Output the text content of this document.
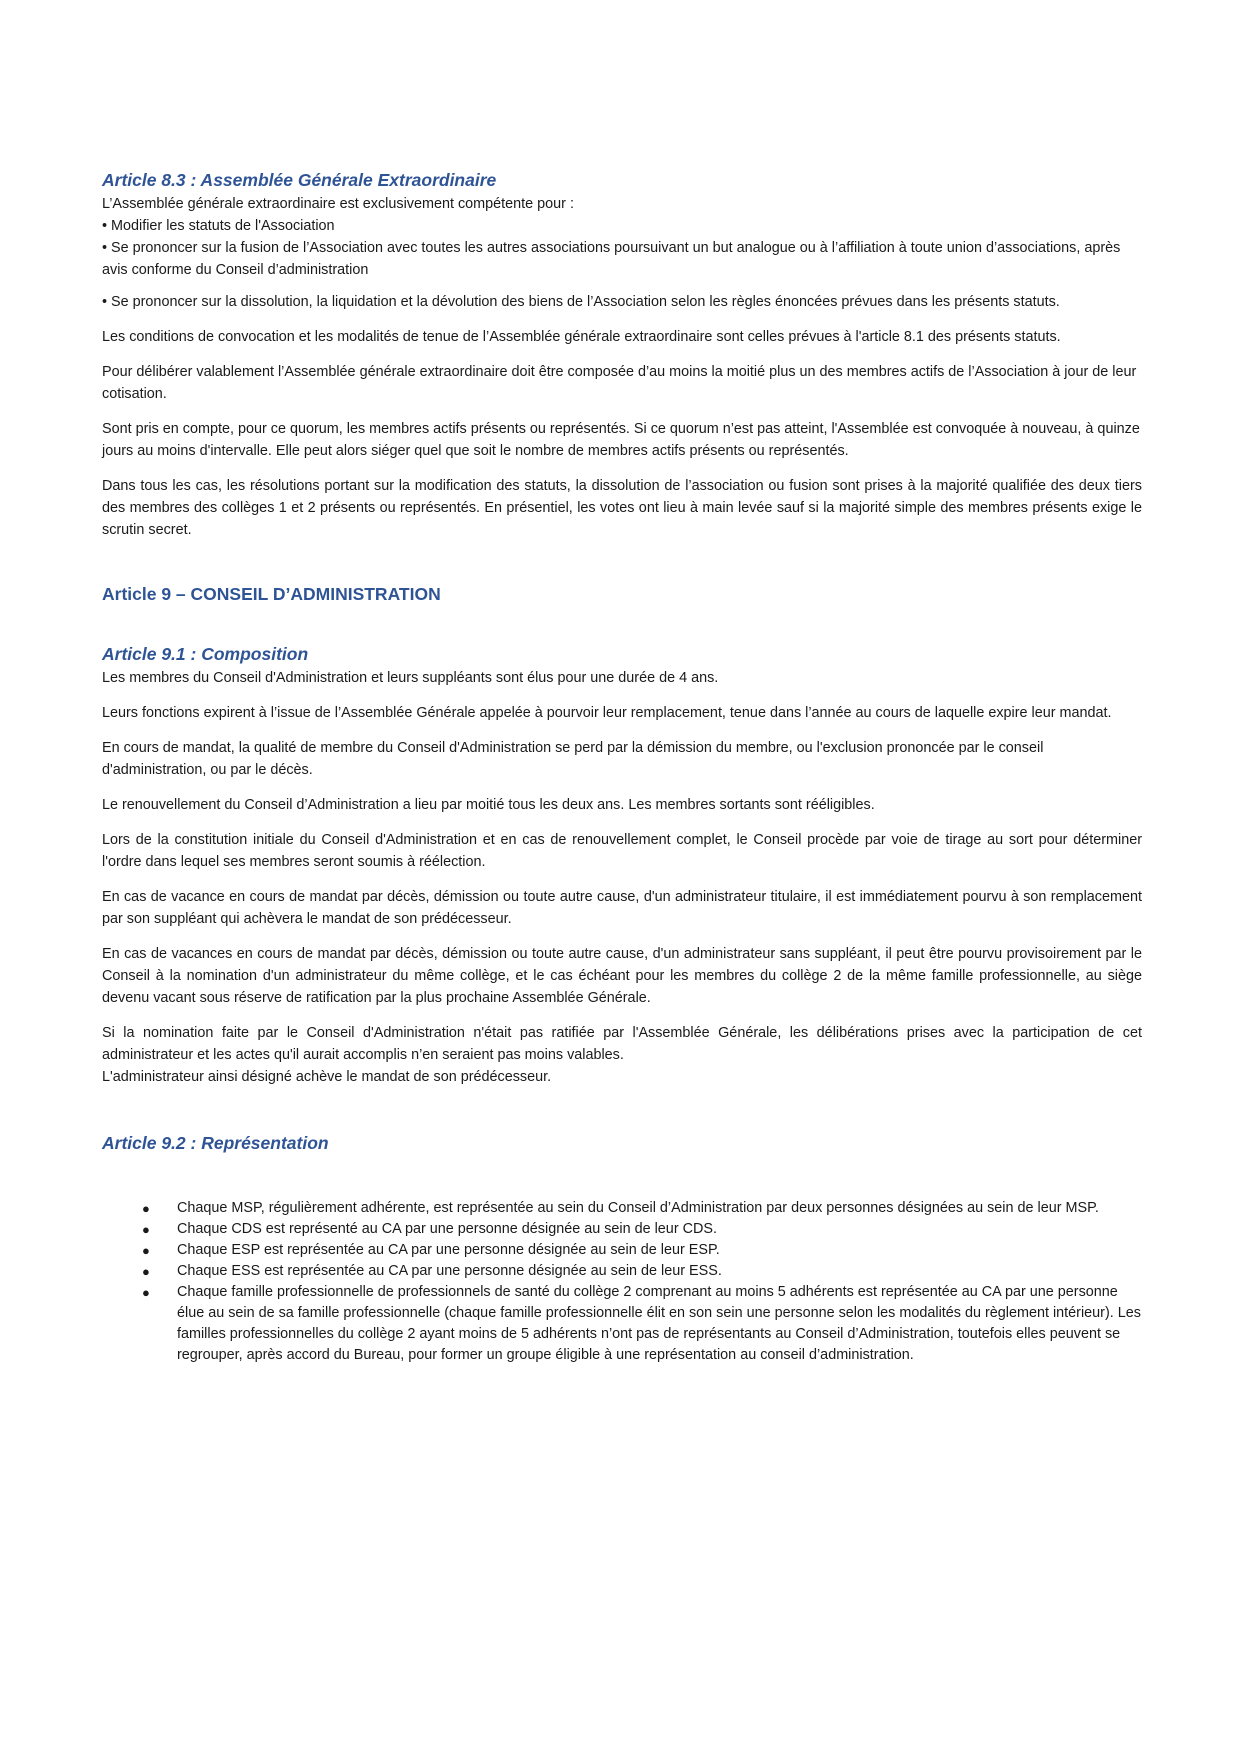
Article 8.3 : Assemblée Générale Extraordinaire

L’Assemblée générale extraordinaire est exclusivement compétente pour :

• Modifier les statuts de l'Association

• Se prononcer sur la fusion de l’Association avec toutes les autres associations poursuivant un but analogue ou à l’affiliation à toute union d’associations, après avis conforme du Conseil d’administration

• Se prononcer sur la dissolution, la liquidation et la dévolution des biens de l’Association selon les règles énoncées prévues dans les présents statuts.

Les conditions de convocation et les modalités de tenue de l’Assemblée générale extraordinaire sont celles prévues à l'article 8.1 des présents statuts.

Pour délibérer valablement l’Assemblée générale extraordinaire doit être composée d’au moins la moitié plus un des membres actifs de l’Association à jour de leur cotisation.

Sont pris en compte, pour ce quorum, les membres actifs présents ou représentés. Si ce quorum n’est pas atteint, l'Assemblée est convoquée à nouveau, à quinze jours au moins d'intervalle. Elle peut alors siéger quel que soit le nombre de membres actifs présents ou représentés.

Dans tous les cas, les résolutions portant sur la modification des statuts, la dissolution de l’association ou fusion sont prises à la majorité qualifiée des deux tiers des membres des collèges 1 et 2 présents ou représentés. En présentiel, les votes ont lieu à main levée sauf si la majorité simple des membres présents exige le scrutin secret.

Article 9 – CONSEIL D’ADMINISTRATION
Article 9.1 : Composition

Les membres du Conseil d'Administration et leurs suppléants sont élus pour une durée de 4 ans.

Leurs fonctions expirent à l’issue de l’Assemblée Générale appelée à pourvoir leur remplacement, tenue dans l’année au cours de laquelle expire leur mandat.

En cours de mandat, la qualité de membre du Conseil d'Administration se perd par la démission du membre, ou l'exclusion prononcée par le conseil d'administration, ou par le décès.

Le renouvellement du Conseil d’Administration a lieu par moitié tous les deux ans. Les membres sortants sont rééligibles.

Lors de la constitution initiale du Conseil d'Administration et en cas de renouvellement complet, le Conseil procède par voie de tirage au sort pour déterminer l'ordre dans lequel ses membres seront soumis à réélection.

En cas de vacance en cours de mandat par décès, démission ou toute autre cause, d'un administrateur titulaire, il est immédiatement pourvu à son remplacement par son suppléant qui achèvera le mandat de son prédécesseur.

En cas de vacances en cours de mandat par décès, démission ou toute autre cause, d'un administrateur sans suppléant, il peut être pourvu provisoirement par le Conseil à la nomination d'un administrateur du même collège, et le cas échéant pour les membres du collège 2 de la même famille professionnelle, au siège devenu vacant sous réserve de ratification par la plus prochaine Assemblée Générale.

Si la nomination faite par le Conseil d'Administration n'était pas ratifiée par l'Assemblée Générale, les délibérations prises avec la participation de cet administrateur et les actes qu'il aurait accomplis n’en seraient pas moins valables.

L'administrateur ainsi désigné achève le mandat de son prédécesseur.

Article 9.2 : Représentation
● Chaque MSP, régulièrement adhérente, est représentée au sein du Conseil d’Administration par deux personnes désignées au sein de leur MSP.
● Chaque CDS est représenté au CA par une personne désignée au sein de leur CDS.
● Chaque ESP est représentée au CA par une personne désignée au sein de leur ESP.
● Chaque ESS est représentée au CA par une personne désignée au sein de leur ESS.
● Chaque famille professionnelle de professionnels de santé du collège 2 comprenant au moins 5 adhérents est représentée au CA par une personne élue au sein de sa famille professionnelle (chaque famille professionnelle élit en son sein une personne selon les modalités du règlement intérieur). Les familles professionnelles du collège 2 ayant moins de 5 adhérents n’ont pas de représentants au Conseil d’Administration, toutefois elles peuvent se regrouper, après accord du Bureau, pour former un groupe éligible à une représentation au conseil d’administration.
